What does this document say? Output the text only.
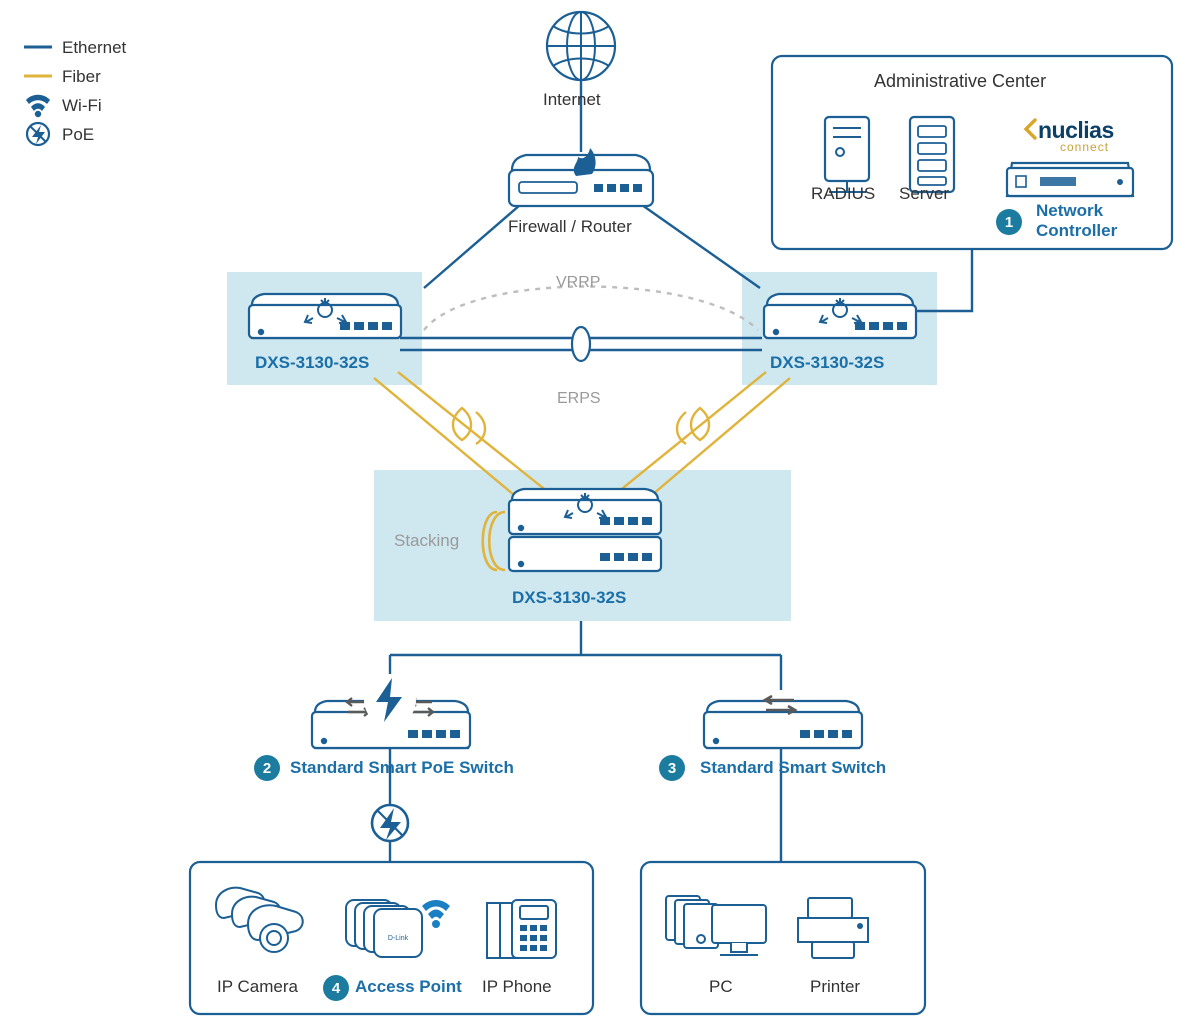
D-Link
Ethernet
Fiber
Wi-Fi
PoE
Internet
Firewall / Router
Administrative Center
RADIUS Server
Network
Controller
nuclias
connect
DXS-3130-32S	DXS-3130-32S
DXS-3130-32S
VRRP
ERPS
Stacking
Standard Smart PoE Switch	Standard Smart Switch
IP Camera	Access Point IP Phone	PC	Printer
1
2	3
4
